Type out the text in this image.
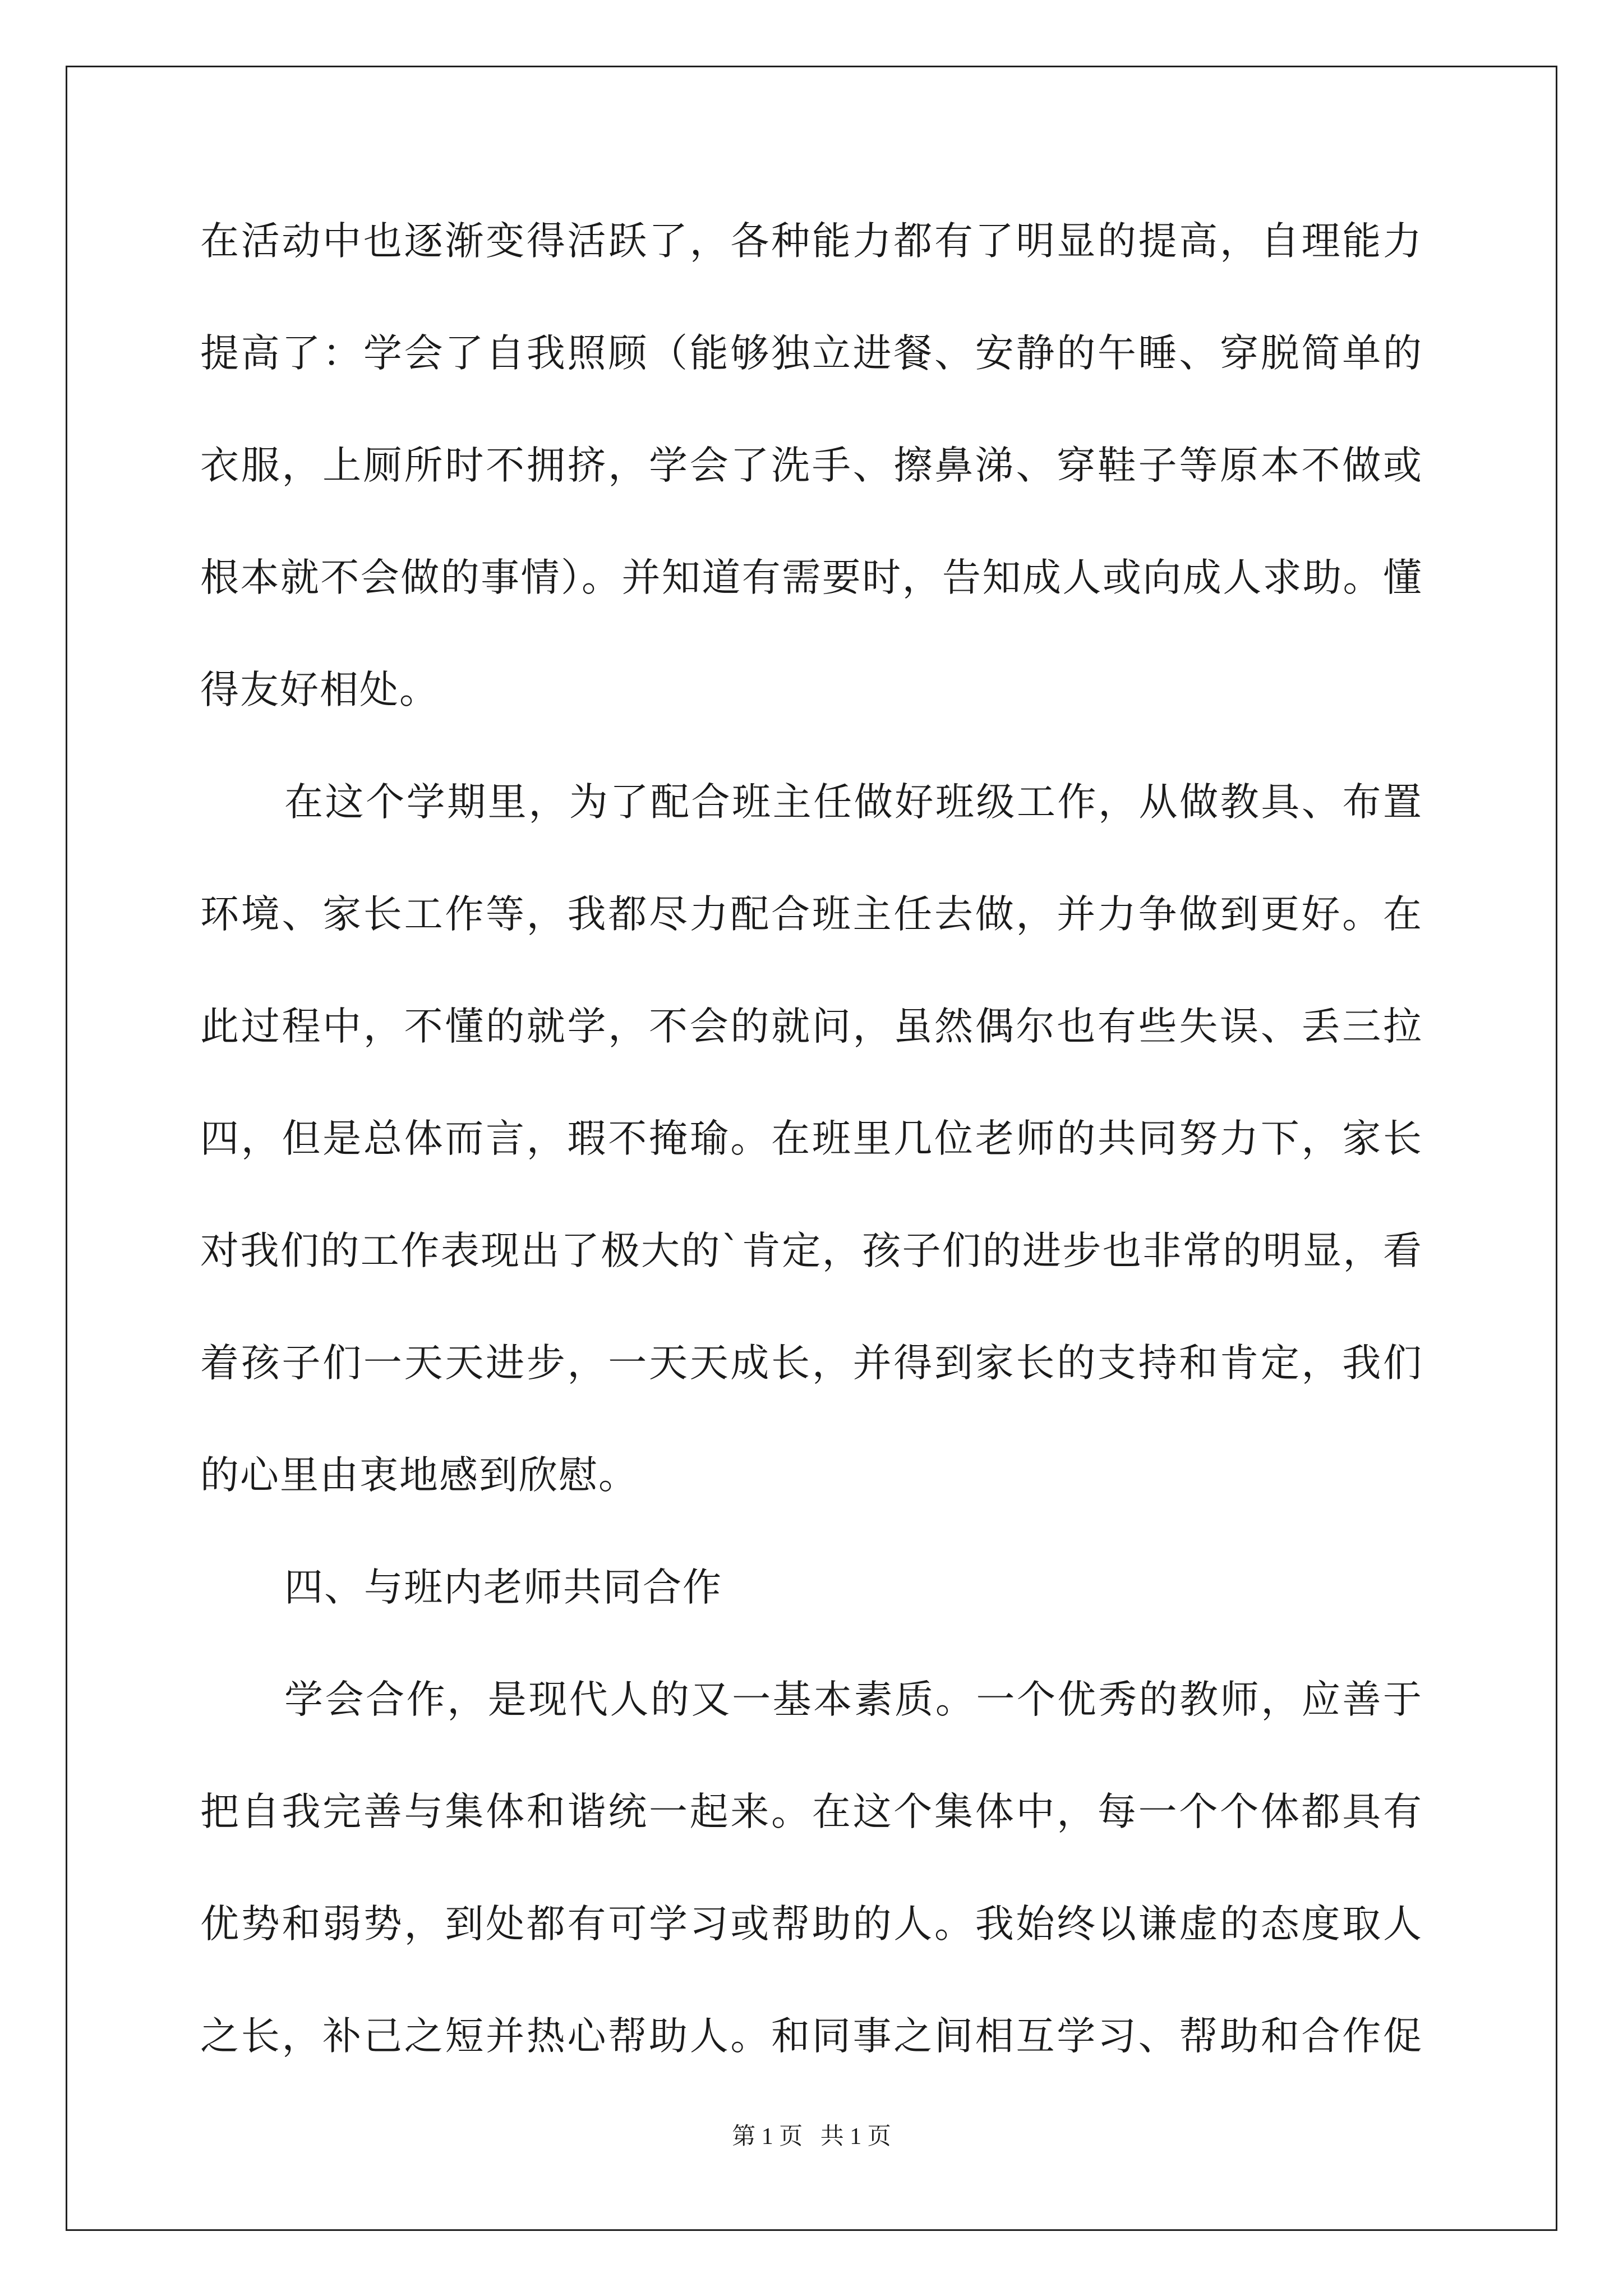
在活动中也逐渐变得活跃了，各种能力都有了明显的提高，自理能力
提高了：学会了自我照顾（能够独立进餐、安静的午睡、穿脱简单的
衣服，上厕所时不拥挤，学会了洗手、擦鼻涕、穿鞋子等原本不做或
根本就不会做的事情）。并知道有需要时，告知成人或向成人求助。懂
得友好相处。
在这个学期里，为了配合班主任做好班级工作，从做教具、布置
环境、家长工作等，我都尽力配合班主任去做，并力争做到更好。在
此过程中，不懂的就学，不会的就问，虽然偶尔也有些失误、丢三拉
四，但是总体而言，瑕不掩瑜。在班里几位老师的共同努力下，家长
对我们的工作表现出了极大的`肯定，孩子们的进步也非常的明显，看
着孩子们一天天进步，一天天成长，并得到家长的支持和肯定，我们
的心里由衷地感到欣慰。
四、与班内老师共同合作
学会合作，是现代人的又一基本素质。一个优秀的教师，应善于
把自我完善与集体和谐统一起来。在这个集体中，每一个个体都具有
优势和弱势，到处都有可学习或帮助的人。我始终以谦虚的态度取人
之长，补己之短并热心帮助人。和同事之间相互学习、帮助和合作促
第 1 页   共 1 页
